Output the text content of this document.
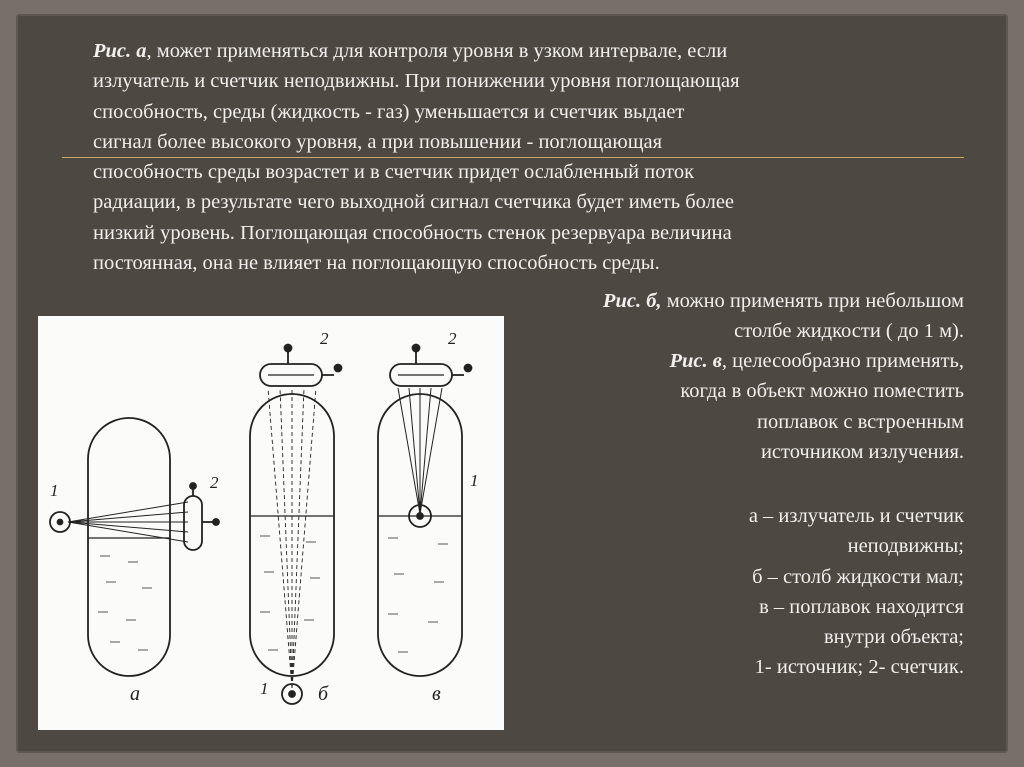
Рис. а, может применяться для контроля уровня в узком интервале, если
излучатель и счетчик неподвижны. При понижении уровня поглощающая
способность, среды (жидкость - газ) уменьшается и счетчик выдает
сигнал более высокого уровня, а при повышении - поглощающая
способность среды возрастет и в счетчик придет ослабленный поток
радиации, в результате чего выходной сигнал счетчика будет иметь более
низкий уровень. Поглощающая способность стенок резервуара величина
постоянная, она не влияет на поглощающую способность среды.

Рис. б, можно применять при небольшом
столбе жидкости ( до 1 м).

Рис. в, целесообразно применять,
когда в объект можно поместить
поплавок с встроенным
источником излучения.

а – излучатель и счетчик
неподвижны;
б – столб жидкости мал;
в – поплавок находится
внутри объекта;
1- источник; 2- счетчик.

а	б	в
1	2
2
1
2
1
